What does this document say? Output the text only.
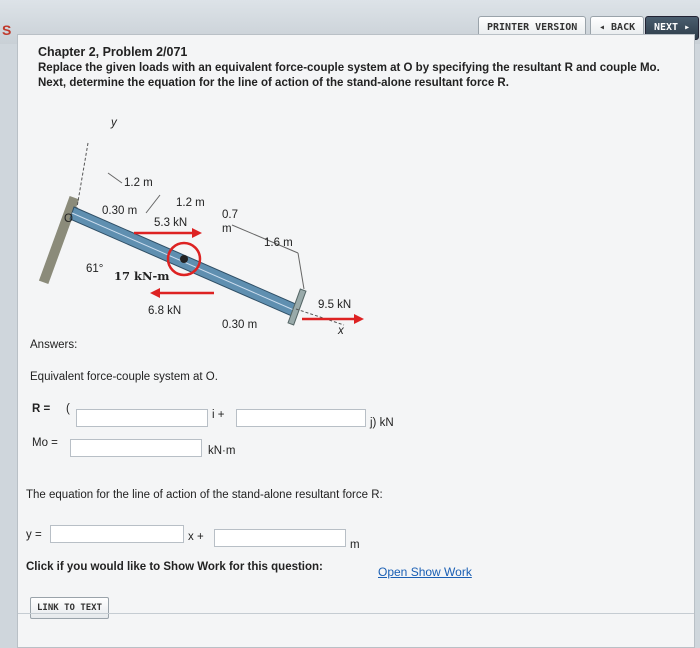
S	PRINTER VERSION	◂ BACK	NEXT ▸
Chapter 2, Problem 2/071
Replace the given loads with an equivalent force-couple system at O by specifying the resultant R and couple Mo. Next, determine the equation for the line of action of the stand-alone resultant force R.
y
O
61°
1.2 m
1.2 m
0.30 m	0.7
m
1.6 m
0.30 m
5.3 kN
6.8 kN	9.5 kN
17 kN-m
x
Answers:
Equivalent force-couple system at O.
R = (	i +
j) kN
Mo =
kN·m
The equation for the line of action of the stand-alone resultant force R:
y =	x +
m
Click if you would like to Show Work for this question:	Open Show Work
LINK TO TEXT
